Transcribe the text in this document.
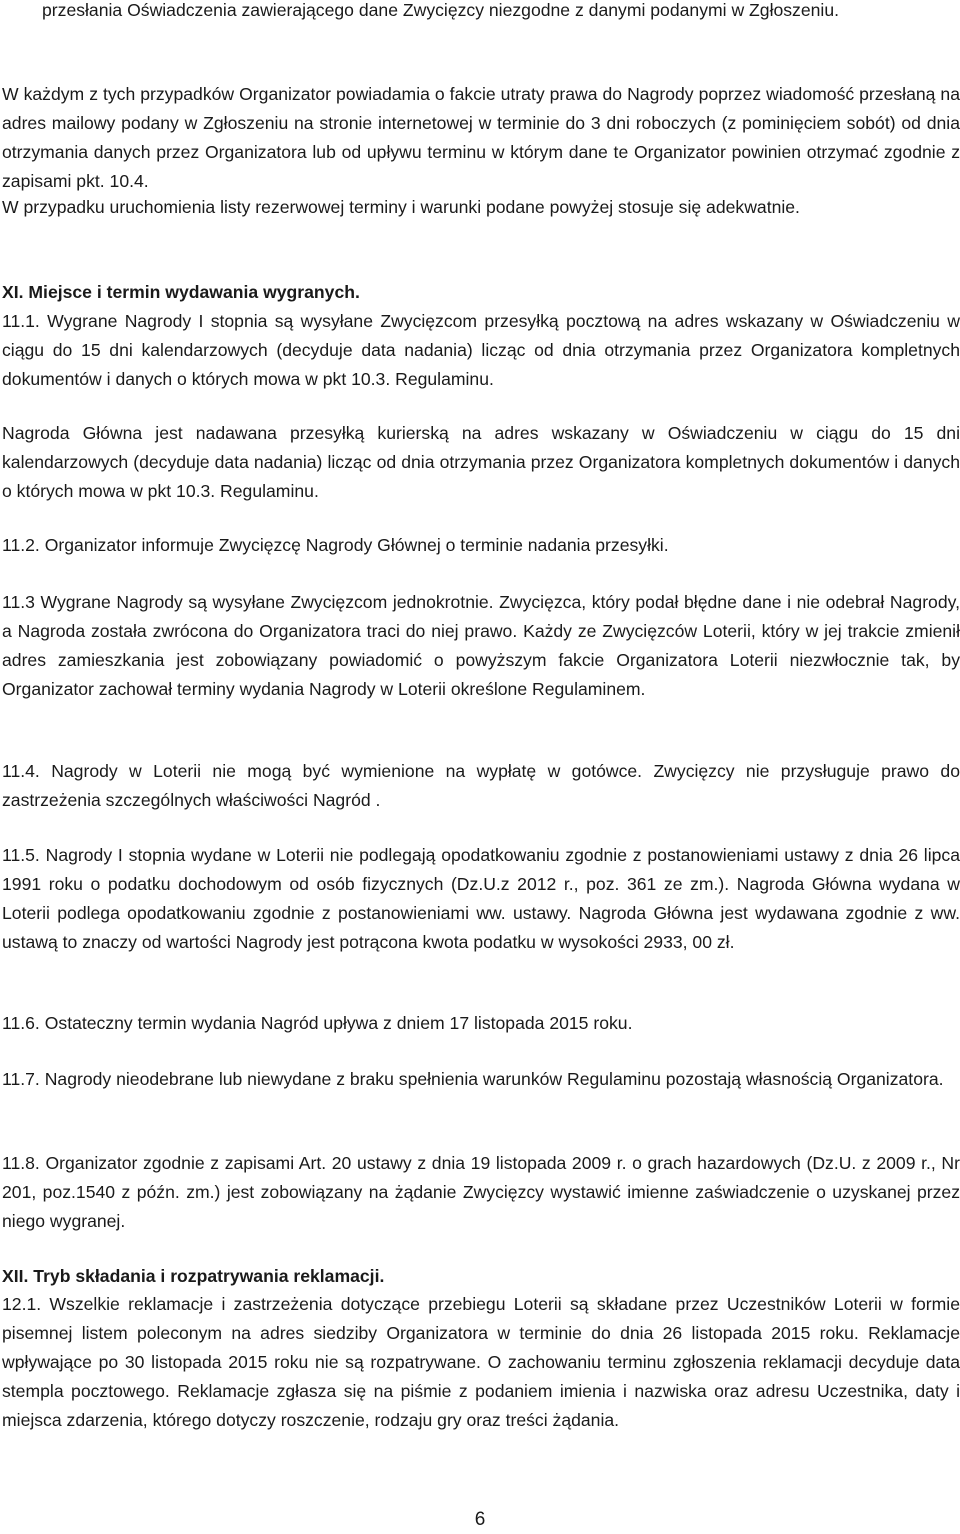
przesłania Oświadczenia zawierającego dane Zwycięzcy niezgodne z danymi podanymi w Zgłoszeniu.

W każdym z tych przypadków Organizator powiadamia o fakcie utraty prawa do Nagrody poprzez wiadomość przesłaną na adres mailowy podany w Zgłoszeniu na stronie internetowej w terminie do 3 dni roboczych (z pominięciem sobót) od dnia otrzymania danych przez Organizatora lub od upływu terminu w którym dane te Organizator powinien otrzymać zgodnie z zapisami pkt. 10.4.

W przypadku uruchomienia listy rezerwowej terminy i warunki podane powyżej stosuje się adekwatnie.

XI. Miejsce i termin wydawania wygranych.

11.1. Wygrane Nagrody I stopnia są wysyłane Zwycięzcom przesyłką pocztową na adres wskazany w Oświadczeniu w ciągu do 15 dni kalendarzowych (decyduje data nadania) licząc od dnia otrzymania przez Organizatora kompletnych dokumentów i danych o których mowa w pkt 10.3. Regulaminu.

Nagroda Główna jest nadawana przesyłką kurierską na adres wskazany w Oświadczeniu w ciągu do 15 dni kalendarzowych (decyduje data nadania) licząc od dnia otrzymania przez Organizatora kompletnych dokumentów i danych o których mowa w pkt 10.3. Regulaminu.

11.2. Organizator informuje Zwycięzcę Nagrody Głównej o terminie nadania przesyłki.

11.3 Wygrane Nagrody są wysyłane Zwycięzcom jednokrotnie. Zwycięzca, który podał błędne dane i nie odebrał Nagrody, a Nagroda została zwrócona do Organizatora traci do niej prawo. Każdy ze Zwycięzców Loterii, który w jej trakcie zmienił adres zamieszkania jest zobowiązany powiadomić o powyższym fakcie Organizatora Loterii niezwłocznie tak, by Organizator zachował terminy wydania Nagrody w Loterii określone Regulaminem.

11.4. Nagrody w Loterii nie mogą być wymienione na wypłatę w gotówce. Zwycięzcy nie przysługuje prawo do zastrzeżenia szczególnych właściwości Nagród .

11.5. Nagrody I stopnia wydane w Loterii nie podlegają opodatkowaniu zgodnie z postanowieniami ustawy z dnia 26 lipca 1991 roku o podatku dochodowym od osób fizycznych (Dz.U.z 2012 r., poz. 361 ze zm.). Nagroda Główna wydana w Loterii podlega opodatkowaniu zgodnie z postanowieniami ww. ustawy. Nagroda Główna jest wydawana zgodnie z ww. ustawą to znaczy od wartości Nagrody jest potrącona kwota podatku w wysokości 2933, 00 zł.

11.6. Ostateczny termin wydania Nagród upływa z dniem 17 listopada 2015 roku.

11.7. Nagrody nieodebrane lub niewydane z braku spełnienia warunków Regulaminu pozostają własnością Organizatora.

11.8. Organizator zgodnie z zapisami Art. 20 ustawy z dnia 19 listopada 2009 r. o grach hazardowych (Dz.U. z 2009 r., Nr 201, poz.1540 z późn. zm.) jest zobowiązany na żądanie Zwycięzcy wystawić imienne zaświadczenie o uzyskanej przez niego wygranej.

XII. Tryb składania i rozpatrywania reklamacji.

12.1. Wszelkie reklamacje i zastrzeżenia dotyczące przebiegu Loterii są składane przez Uczestników Loterii w formie pisemnej listem poleconym na adres siedziby Organizatora w terminie do dnia 26 listopada 2015 roku. Reklamacje wpływające po 30 listopada 2015 roku nie są rozpatrywane. O zachowaniu terminu zgłoszenia reklamacji decyduje data stempla pocztowego. Reklamacje zgłasza się na piśmie z podaniem imienia i nazwiska oraz adresu Uczestnika, daty i miejsca zdarzenia, którego dotyczy roszczenie, rodzaju gry oraz treści żądania.

6
